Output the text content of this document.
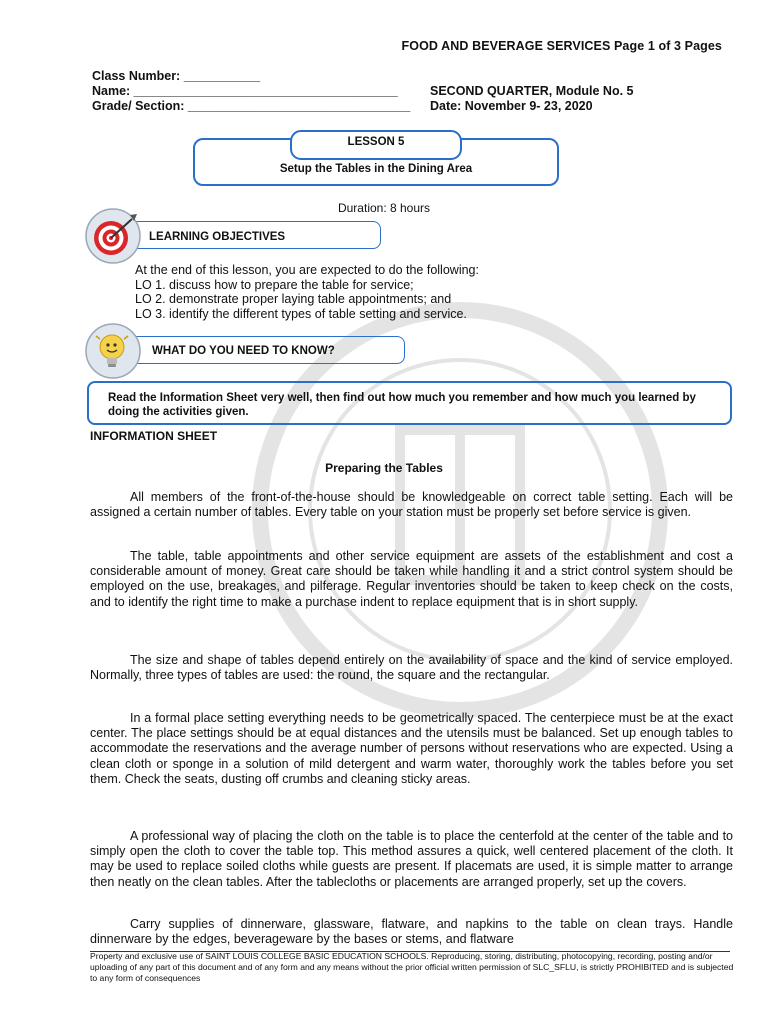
FOOD AND BEVERAGE SERVICES Page 1 of 3 Pages
Class Number: ___________
Name: ______________________________________
Grade/ Section: ________________________________
SECOND QUARTER, Module No. 5
Date: November 9- 23, 2020
LESSON 5
Setup the Tables in the Dining Area
Duration: 8 hours
LEARNING OBJECTIVES
At the end of this lesson, you are expected to do the following:
LO 1. discuss how to prepare the table for service;
LO 2. demonstrate proper laying table appointments; and
LO 3. identify the different types of table setting and service.
WHAT DO YOU NEED TO KNOW?
Read the Information Sheet very well, then find out how much you remember and how much you learned by doing the activities given.
INFORMATION SHEET
Preparing the Tables
All members of the front-of-the-house should be knowledgeable on correct table setting. Each will be assigned a certain number of tables. Every table on your station must be properly set before service is given.
The table, table appointments and other service equipment are assets of the establishment and cost a considerable amount of money. Great care should be taken while handling it and a strict control system should be employed on the use, breakages, and pilferage. Regular inventories should be taken to keep check on the costs, and to identify the right time to make a purchase indent to replace equipment that is in short supply.
The size and shape of tables depend entirely on the availability of space and the kind of service employed. Normally, three types of tables are used: the round, the square and the rectangular.
In a formal place setting everything needs to be geometrically spaced. The centerpiece must be at the exact center. The place settings should be at equal distances and the utensils must be balanced. Set up enough tables to accommodate the reservations and the average number of persons without reservations who are expected. Using a clean cloth or sponge in a solution of mild detergent and warm water, thoroughly work the tables before you set them. Check the seats, dusting off crumbs and cleaning sticky areas.
A professional way of placing the cloth on the table is to place the centerfold at the center of the table and to simply open the cloth to cover the table top. This method assures a quick, well centered placement of the cloth. It may be used to replace soiled cloths while guests are present. If placemats are used, it is simple matter to arrange then neatly on the clean tables. After the tablecloths or placements are arranged properly, set up the covers.
Carry supplies of dinnerware, glassware, flatware, and napkins to the table on clean trays. Handle dinnerware by the edges, beverageware by the bases or stems, and flatware
Property and exclusive use of SAINT LOUIS COLLEGE BASIC EDUCATION SCHOOLS. Reproducing, storing, distributing, photocopying, recording, posting and/or uploading of any part of this document and of any form and any means without the prior official written permission of SLC_SFLU, is strictly PROHIBITED and is subjected to any form of consequences
